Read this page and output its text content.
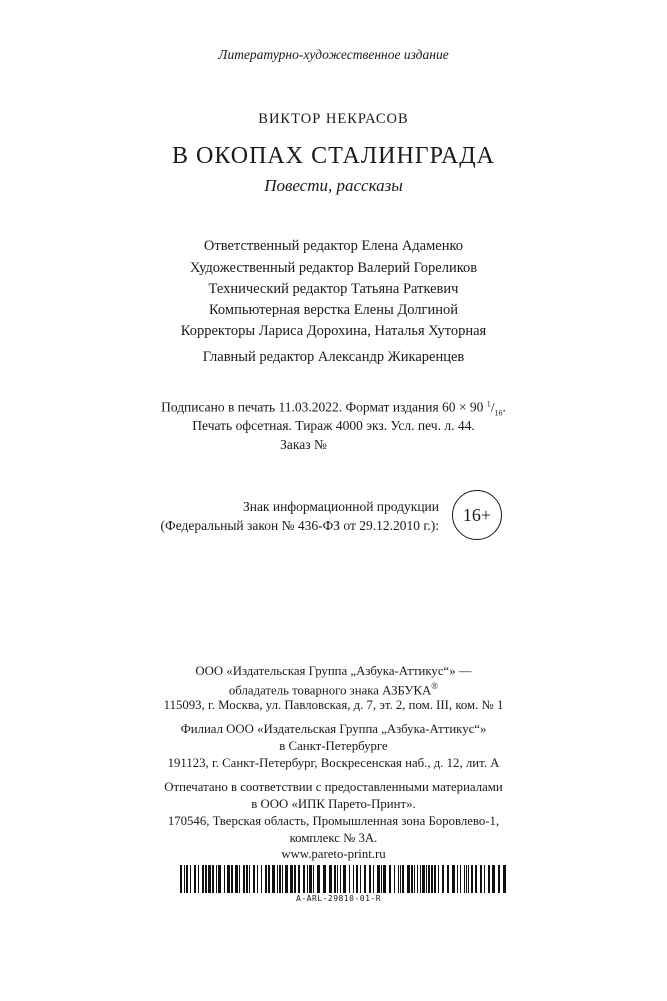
Литературно-художественное издание
ВИКТОР НЕКРАСОВ
В ОКОПАХ СТАЛИНГРАДА
Повести, рассказы
Ответственный редактор Елена Адаменко
Художественный редактор Валерий Гореликов
Технический редактор Татьяна Раткевич
Компьютерная верстка Елены Долгиной
Корректоры Лариса Дорохина, Наталья Хуторная
Главный редактор Александр Жикаренцев
Подписано в печать 11.03.2022. Формат издания 60 × 90 $^1/_{16}$.
Печать офсетная. Тираж 4000 экз. Усл. печ. л. 44.
Заказ №
Знак информационной продукции
(Федеральный закон № 436-ФЗ от 29.12.2010 г.):
16+
ООО «Издательская Группа „Азбука-Аттикус“» —
обладатель товарного знака АЗБУКА®
115093, г. Москва, ул. Павловская, д. 7, эт. 2, пом. III, ком. № 1
Филиал ООО «Издательская Группа „Азбука-Аттикус“»
в Санкт-Петербурге
191123, г. Санкт-Петербург, Воскресенская наб., д. 12, лит. А
Отпечатано в соответствии с предоставленными материалами
в ООО «ИПК Парето-Принт».
170546, Тверская область, Промышленная зона Боровлево-1,
комплекс № 3А.
www.pareto-print.ru
A-ARL-29810-01-R
